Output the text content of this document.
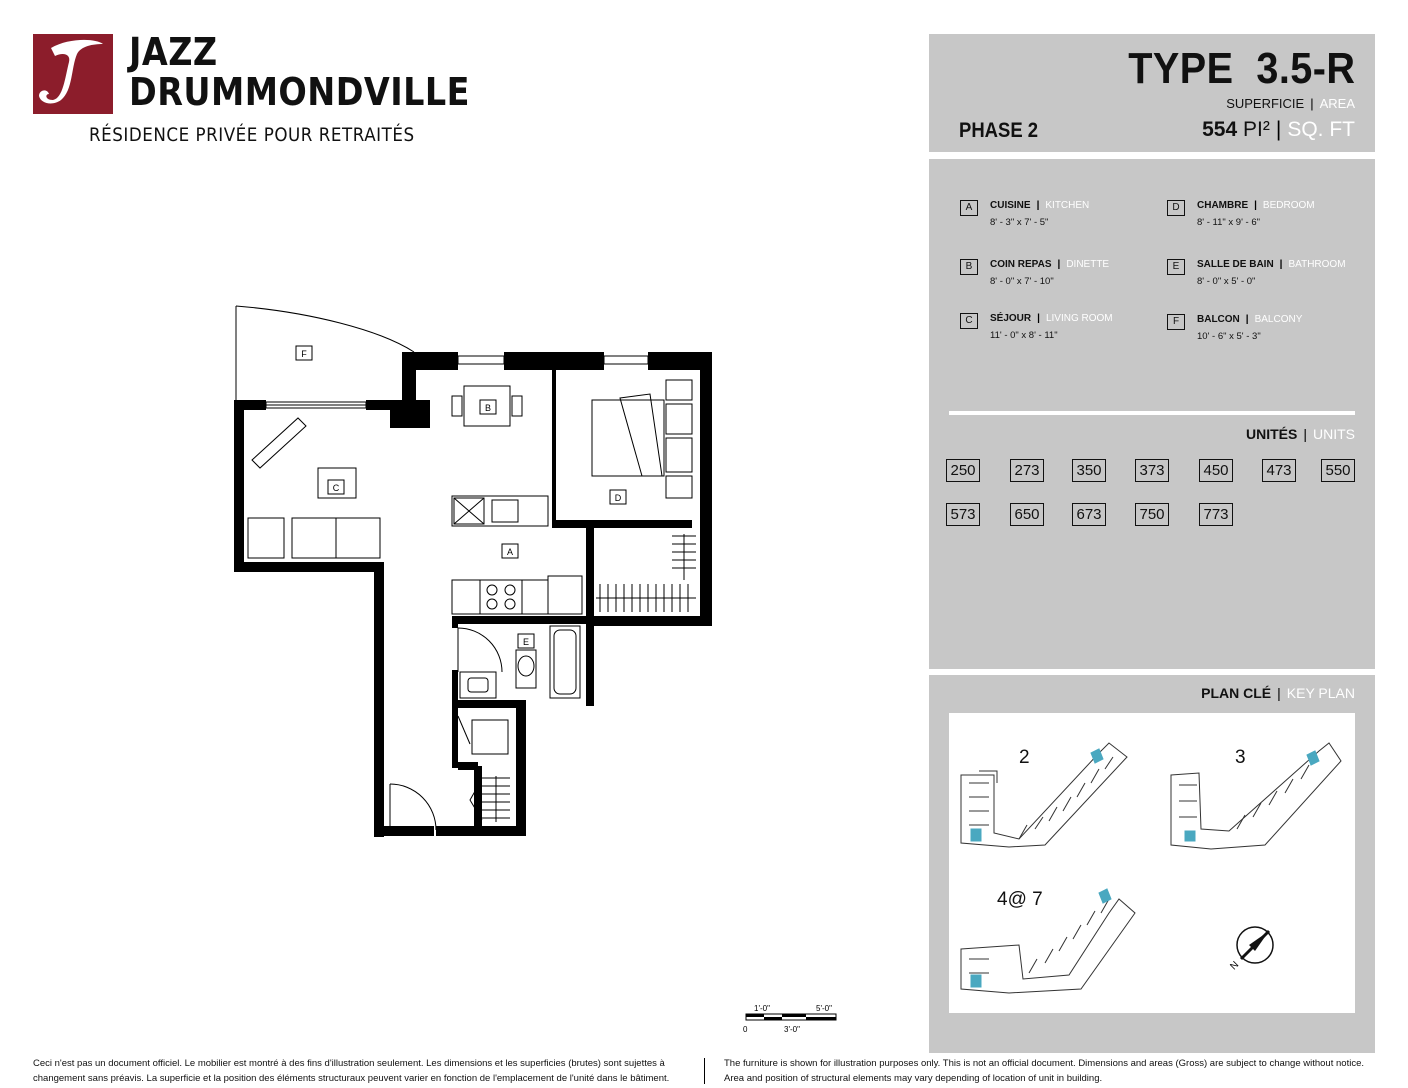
JAZZ
DRUMMONDVILLE
RÉSIDENCE PRIVÉE POUR RETRAITÉS
TYPE 3.5-R
SUPERFICIE | AREA
PHASE 2	554 PI² | SQ. FT
A	CUISINE | KITCHEN
8' - 3" x 7' - 5"
B	COIN REPAS | DINETTE
8' - 0" x 7' - 10"
C	SÉJOUR | LIVING ROOM
11' - 0" x 8' - 11"
D	CHAMBRE | BEDROOM
8' - 11" x 9' - 6"
E	SALLE DE BAIN | BATHROOM
8' - 0" x 5' - 0"
F	BALCON | BALCONY
10' - 6" x 5' - 3"
UNITÉS | UNITS
250	273 350	373	450	473 550
573	650 673	750	773
PLAN CLÉ | KEY PLAN
2	3
4@ 7
N
F
B
D
C
A
E
1'-0"	5'-0"
0	3'-0"
Ceci n'est pas un document officiel. Le mobilier est montré à des fins d'illustration seulement. Les dimensions et les superficies (brutes) sont sujettes à
changement sans préavis. La superficie et la position des éléments structuraux peuvent varier en fonction de l'emplacement de l'unité dans le bâtiment.
The furniture is shown for illustration purposes only. This is not an official document. Dimensions and areas (Gross) are subject to change without notice.
Area and position of structural elements may vary depending of location of unit in building.
